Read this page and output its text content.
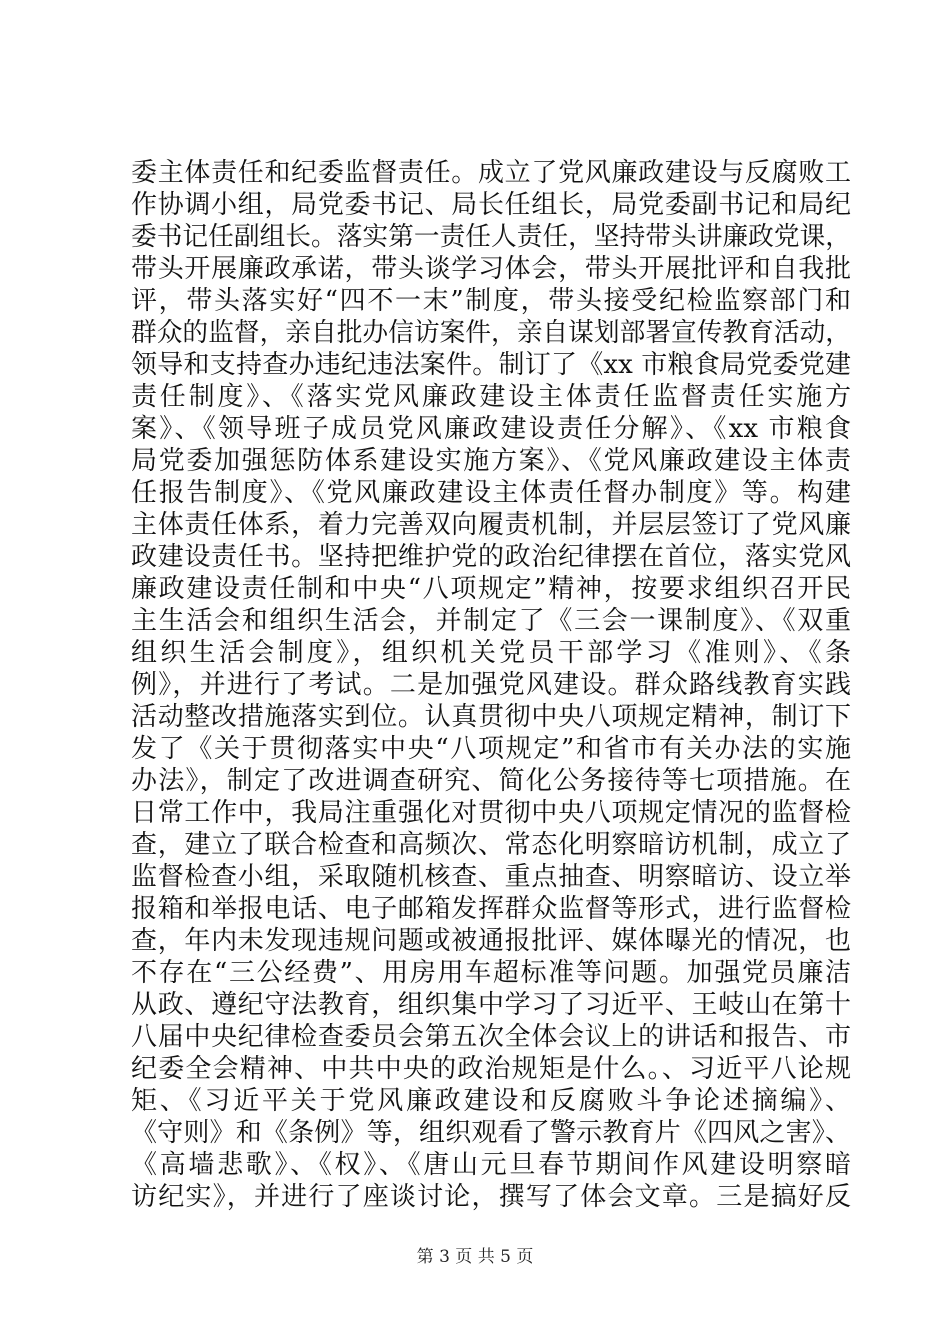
委主体责任和纪委监督责任。成立了党风廉政建设与反腐败工
作协调小组，局党委书记、局长任组长，局党委副书记和局纪
委书记任副组长。落实第一责任人责任，坚持带头讲廉政党课，
带头开展廉政承诺，带头谈学习体会，带头开展批评和自我批
评，带头落实好“四不一末”制度，带头接受纪检监察部门和
群众的监督，亲自批办信访案件，亲自谋划部署宣传教育活动，
领导和支持查办违纪违法案件。制订了《xx 市粮食局党委党建
责任制度》、《落实党风廉政建设主体责任监督责任实施方
案》、《领导班子成员党风廉政建设责任分解》、《xx 市粮食
局党委加强惩防体系建设实施方案》、《党风廉政建设主体责
任报告制度》、《党风廉政建设主体责任督办制度》等。构建
主体责任体系，着力完善双向履责机制，并层层签订了党风廉
政建设责任书。坚持把维护党的政治纪律摆在首位，落实党风
廉政建设责任制和中央“八项规定”精神，按要求组织召开民
主生活会和组织生活会，并制定了《三会一课制度》、《双重
组织生活会制度》，组织机关党员干部学习《准则》、《条
例》，并进行了考试。二是加强党风建设。群众路线教育实践
活动整改措施落实到位。认真贯彻中央八项规定精神，制订下
发了《关于贯彻落实中央“八项规定”和省市有关办法的实施
办法》，制定了改进调查研究、简化公务接待等七项措施。在
日常工作中，我局注重强化对贯彻中央八项规定情况的监督检
查，建立了联合检查和高频次、常态化明察暗访机制，成立了
监督检查小组，采取随机核查、重点抽查、明察暗访、设立举
报箱和举报电话、电子邮箱发挥群众监督等形式，进行监督检
查，年内未发现违规问题或被通报批评、媒体曝光的情况，也
不存在“三公经费”、用房用车超标准等问题。加强党员廉洁
从政、遵纪守法教育，组织集中学习了习近平、王岐山在第十
八届中央纪律检查委员会第五次全体会议上的讲话和报告、市
纪委全会精神、中共中央的政治规矩是什么。、习近平八论规
矩、《习近平关于党风廉政建设和反腐败斗争论述摘编》、
《守则》和《条例》等，组织观看了警示教育片《四风之害》、
《高墙悲歌》、《权》、《唐山元旦春节期间作风建设明察暗
访纪实》，并进行了座谈讨论，撰写了体会文章。三是搞好反
第 3 页 共 5 页
